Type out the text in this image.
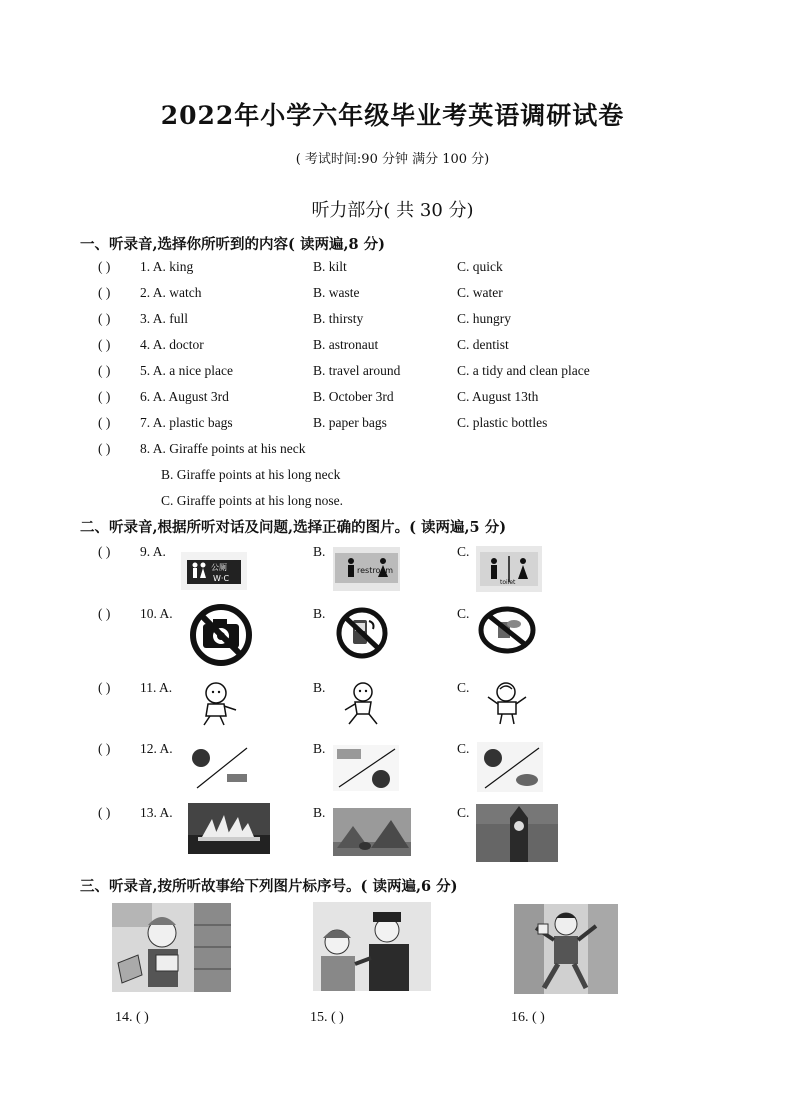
2022年小学六年级毕业考英语调研试卷
( 考试时间:90 分钟 满分 100 分)
听力部分( 共 30 分)
一、听录音,选择你所听到的内容( 读两遍,8 分)
( )	1. A. king	B. kilt	C. quick
( )	2. A. watch	B. waste	C. water
( )	3. A. full	B. thirsty	C. hungry
( )	4. A. doctor	B. astronaut	C. dentist
( )	5. A. a nice place	B. travel around	C. a tidy and clean place
( )	6. A. August 3rd	B. October 3rd	C. August 13th
( )	7. A. plastic bags	B. paper bags	C. plastic bottles
( )	8. A. Giraffe points at his neck
B. Giraffe points at his long neck
C. Giraffe points at his long nose.
二、听录音,根据所听对话及问题,选择正确的图片。( 读两遍,5 分)
( )	9. A.	B.	C.
公厕
W·C
restroom
toilet
( )	10. A.	B.	C.
( )	11. A.	B.	C.
( )	12. A.	B.	C.
( )	13. A.	B.	C.
三、听录音,按所听故事给下列图片标序号。( 读两遍,6 分)
14. ( )	15. ( )	16. ( )
